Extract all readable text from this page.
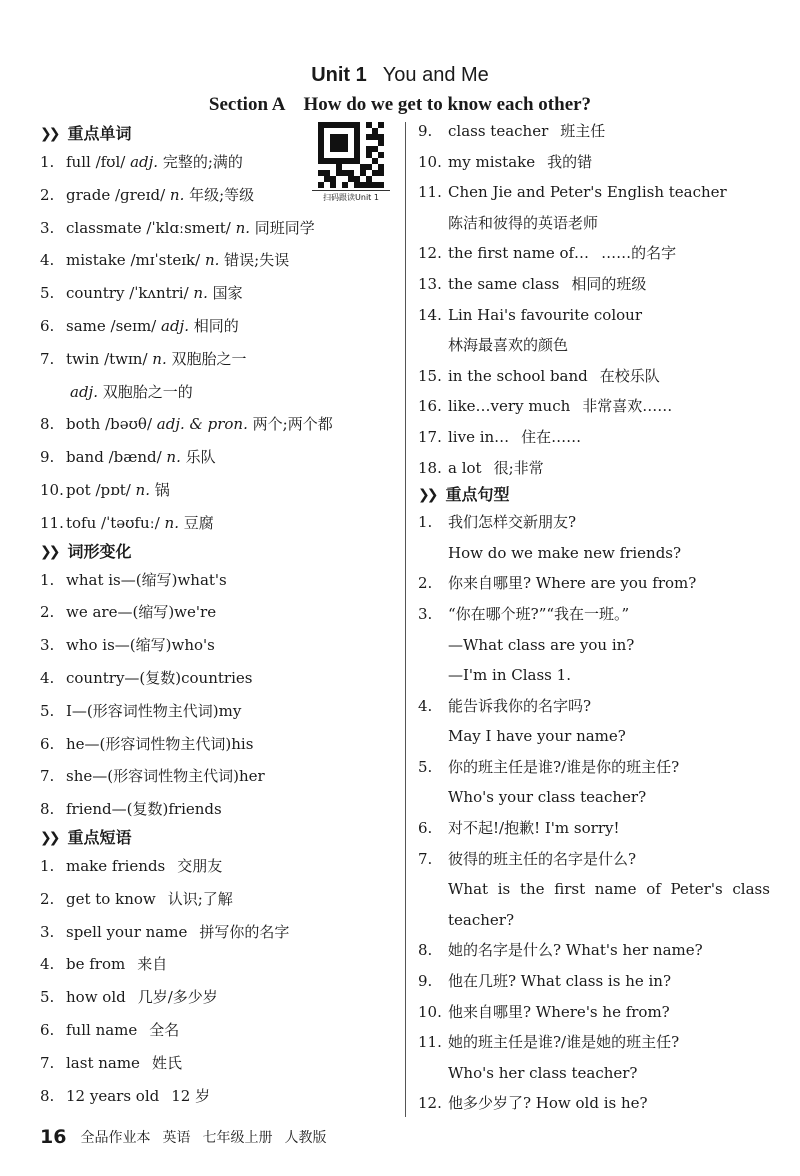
Unit 1 You and Me
Section A How do we get to know each other?
扫码跟读Unit 1
❯❯ 重点单词
1. full /fʊl/ adj. 完整的;满的
2. grade /ɡreɪd/ n. 年级;等级
3. classmate /ˈklɑːsmeɪt/ n. 同班同学
4. mistake /mɪˈsteɪk/ n. 错误;失误
5. country /ˈkʌntri/ n. 国家
6. same /seɪm/ adj. 相同的
7. twin /twɪn/ n. 双胞胎之一
adj. 双胞胎之一的
8. both /bəʊθ/ adj. & pron. 两个;两个都
9. band /bænd/ n. 乐队
10. pot /pɒt/ n. 锅
11. tofu /ˈtəʊfuː/ n. 豆腐
❯❯ 词形变化
1. what is—(缩写)what's
2. we are—(缩写)we're
3. who is—(缩写)who's
4. country—(复数)countries
5. I—(形容词性物主代词)my
6. he—(形容词性物主代词)his
7. she—(形容词性物主代词)her
8. friend—(复数)friends
❯❯ 重点短语
1. make friends 交朋友
2. get to know 认识;了解
3. spell your name 拼写你的名字
4. be from 来自
5. how old 几岁/多少岁
6. full name 全名
7. last name 姓氏
8. 12 years old 12 岁
9.	class teacher 班主任
10. my mistake 我的错
11. Chen Jie and Peter's English teacher
陈洁和彼得的英语老师
12. the first name of… ……的名字
13. the same class 相同的班级
14. Lin Hai's favourite colour
林海最喜欢的颜色
15. in the school band 在校乐队
16. like…very much 非常喜欢……
17. live in… 住在……
18. a lot 很;非常
❯❯ 重点句型
1.	我们怎样交新朋友?
How do we make new friends?
2.	你来自哪里? Where are you from?
3.	“你在哪个班?”“我在一班。”
—What class are you in?
—I'm in Class 1.
4.	能告诉我你的名字吗?
May I have your name?
5.	你的班主任是谁?/谁是你的班主任?
Who's your class teacher?
6.	对不起!/抱歉! I'm sorry!
7.	彼得的班主任的名字是什么?
What is the first name of Peter's class
teacher?
8.	她的名字是什么? What's her name?
9.	他在几班? What class is he in?
10. 他来自哪里? Where's he from?
11. 她的班主任是谁?/谁是她的班主任?
Who's her class teacher?
12. 他多少岁了? How old is he?
16 全品作业本 英语 七年级上册 人教版
